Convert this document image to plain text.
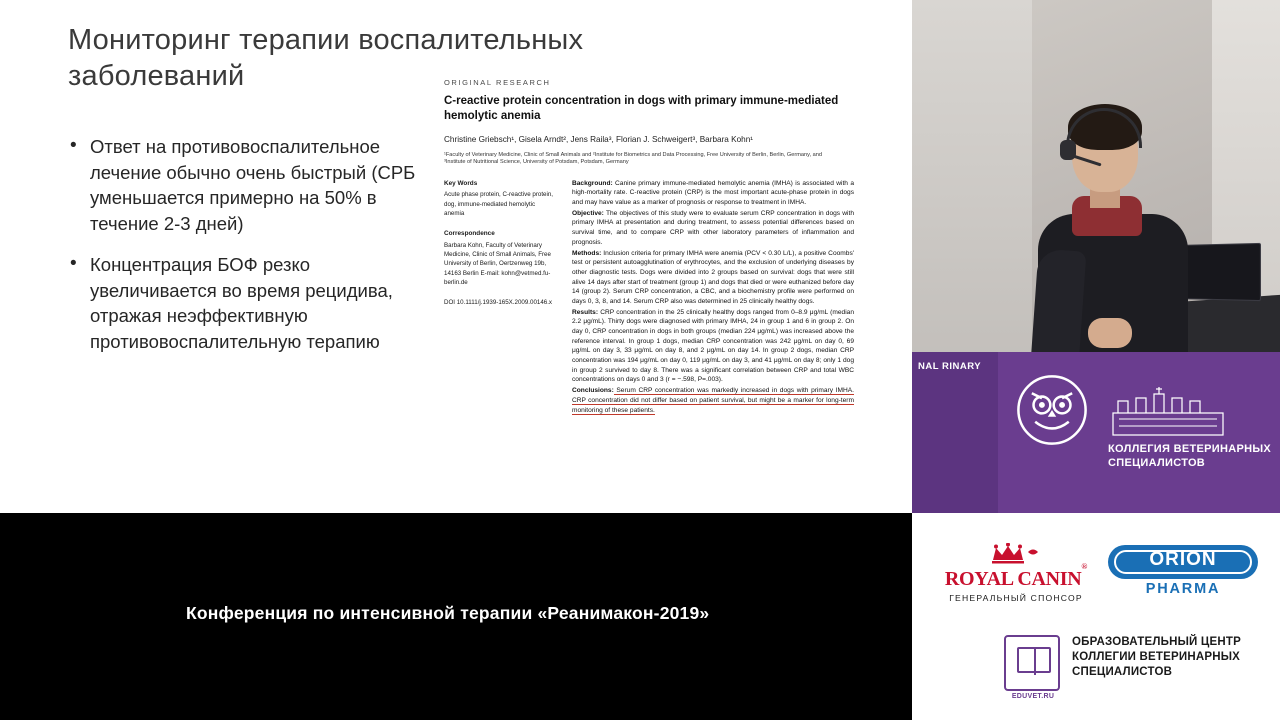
Мониторинг терапии воспалительных заболеваний
• Ответ на противовоспалительное лечение обычно очень быстрый (СРБ уменьшается примерно на 50% в течение 2-3 дней)
• Концентрация БОФ резко увеличивается во время рецидива, отражая неэффективную противовоспалительную терапию
ORIGINAL RESEARCH
C-reactive protein concentration in dogs with primary immune-mediated hemolytic anemia
Christine Griebsch¹, Gisela Arndt², Jens Raila³, Florian J. Schweigert³, Barbara Kohn¹
¹Faculty of Veterinary Medicine, Clinic of Small Animals and ²Institute for Biometrics and Data Processing, Free University of Berlin, Berlin, Germany, and ³Institute of Nutritional Science, University of Potsdam, Potsdam, Germany
Key Words
Acute phase protein, C-reactive protein, dog, immune-mediated hemolytic anemia
Correspondence
Barbara Kohn, Faculty of Veterinary Medicine, Clinic of Small Animals, Free University of Berlin, Oertzenweg 19b, 14163 Berlin E-mail: kohn@vetmed.fu-berlin.de
DOI 10.1111/j.1939-165X.2009.00146.x

Background: Canine primary immune-mediated hemolytic anemia (IMHA) is associated with a high-mortality rate. C-reactive protein (CRP) is the most important acute-phase protein in dogs and may have value as a marker of prognosis or response to treatment in IMHA.

Objective: The objectives of this study were to evaluate serum CRP concentration in dogs with primary IMHA at presentation and during treatment, to assess potential differences based on survival time, and to compare CRP with other laboratory parameters of inflammation and prognosis.

Methods: Inclusion criteria for primary IMHA were anemia (PCV < 0.30 L/L), a positive Coombs' test or persistent autoagglutination of erythrocytes, and the exclusion of underlying diseases by other diagnostic tests. Dogs were divided into 2 groups based on survival: dogs that were still alive 14 days after start of treatment (group 1) and dogs that died or were euthanized before day 14 (group 2). Serum CRP concentration, a CBC, and a biochemistry profile were performed on days 0, 3, 8, and 14. Serum CRP also was determined in 25 clinically healthy dogs.

Results: CRP concentration in the 25 clinically healthy dogs ranged from 0–8.9 μg/mL (median 2.2 μg/mL). Thirty dogs were diagnosed with primary IMHA, 24 in group 1 and 6 in group 2. On day 0, CRP concentration in dogs in both groups (median 224 μg/mL) was increased above the reference interval. In group 1 dogs, median CRP concentration was 242 μg/mL on day 0, 69 μg/mL on day 3, 33 μg/mL on day 8, and 2 μg/mL on day 14. In group 2 dogs, median CRP concentration was 194 μg/mL on day 0, 119 μg/mL on day 3, and 41 μg/mL on day 8; only 1 dog in group 2 survived to day 8. There was a significant correlation between CRP and total WBC concentrations on days 0 and 3 (r = −.598, P=.003).

Conclusions: Serum CRP concentration was markedly increased in dogs with primary IMHA. CRP concentration did not differ based on patient survival, but might be a marker for long-term monitoring of these patients.

NAL RINARY
КОЛЛЕГИЯ ВЕТЕРИНАРНЫХ СПЕЦИАЛИСТОВ
Конференция по интенсивной терапии «Реанимакон-2019»
ROYAL CANIN®
ГЕНЕРАЛЬНЫЙ СПОНСОР
ORION
PHARMA
EDUVET.RU
ОБРАЗОВАТЕЛЬНЫЙ ЦЕНТР КОЛЛЕГИИ ВЕТЕРИНАРНЫХ СПЕЦИАЛИСТОВ
